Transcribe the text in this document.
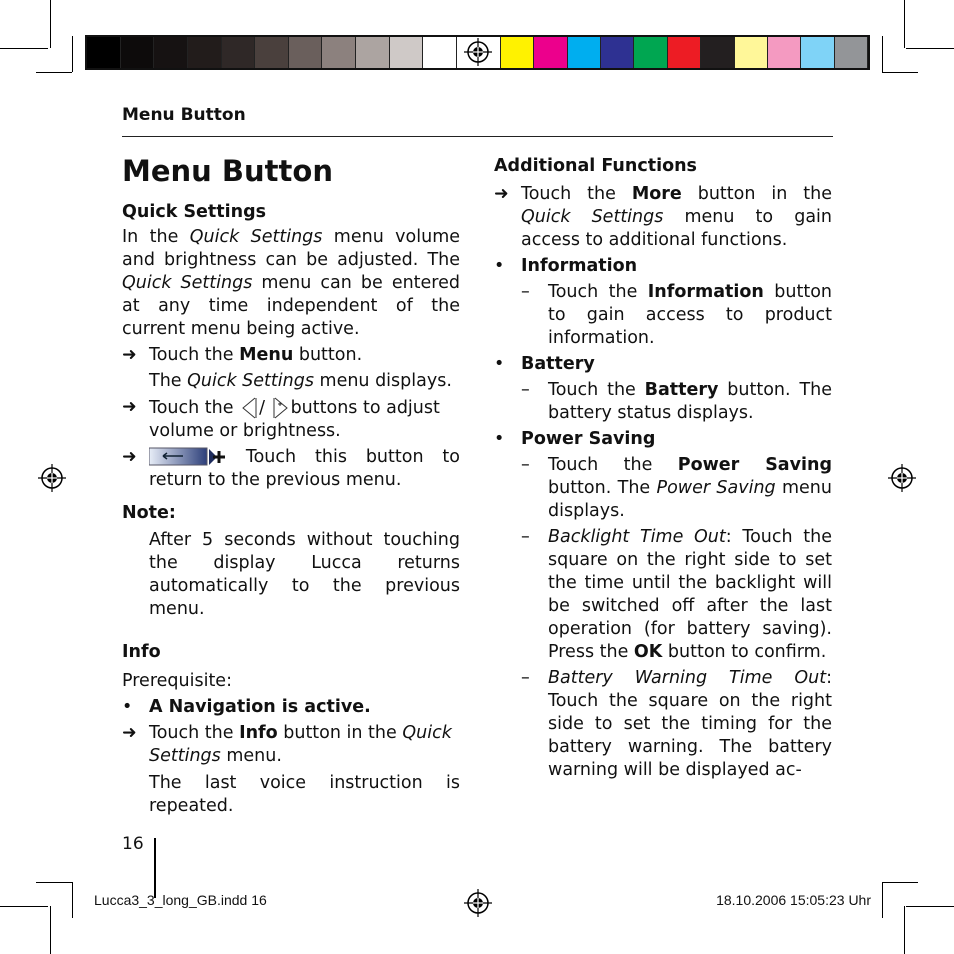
Menu Button

Menu Button

Quick Settings

In the Quick Settings menu volume and brightness can be adjusted. The Quick Settings menu can be entered at any time independent of the current menu being active.

➜ Touch the Menu button.

The Quick Settings menu displays.

➜ Touch the / buttons to adjust volume or brightness.

➜	Touch this button to return to the previous menu.

Note:

After 5 seconds without touching the display Lucca returns automatically to the previous menu.

Info

Prerequisite:

• A Navigation is active.

➜ Touch the Info button in the Quick Settings menu.

The last voice instruction is repeated.

Additional Functions

➜ Touch the More button in the Quick Settings menu to gain access to additional functions.

• Information

–	Touch the Information button to gain access to product information.

• Battery

–	Touch the Battery button. The battery status displays.

• Power Saving

–	Touch the Power Saving button. The Power Saving menu displays.

–	Backlight Time Out: Touch the square on the right side to set the time until the backlight will be switched off after the last operation (for battery saving). Press the OK button to confirm.

–	Battery Warning Time Out: Touch the square on the right side to set the timing for the battery warning. The battery warning will be displayed ac-

16
Lucca3_3_long_GB.indd 16	18.10.2006 15:05:23 Uhr
